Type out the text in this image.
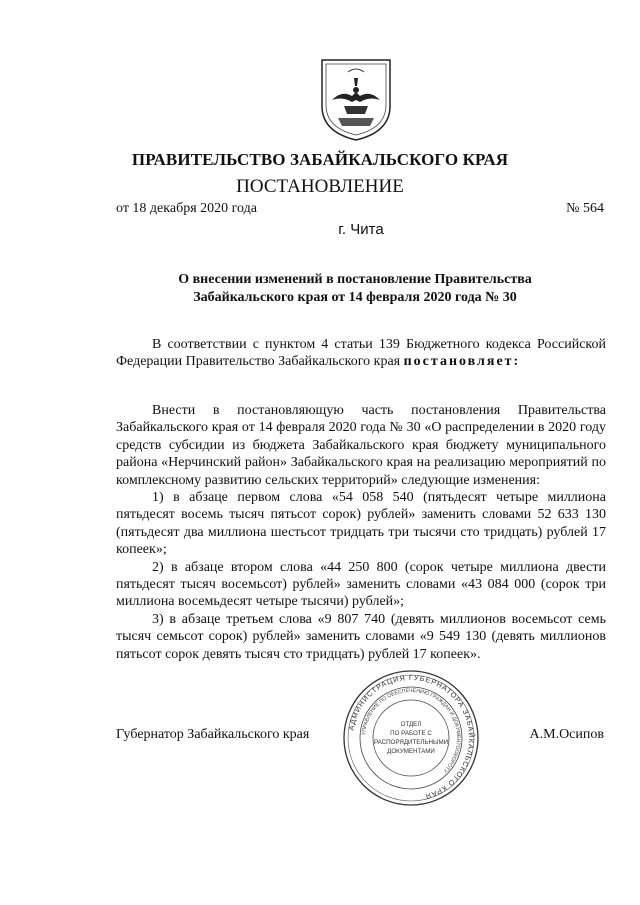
ПРАВИТЕЛЬСТВО ЗАБАЙКАЛЬСКОГО КРАЯ
ПОСТАНОВЛЕНИЕ
от 18 декабря 2020 года	№ 564
г. Чита
О внесении изменений в постановление Правительства
Забайкальского края от 14 февраля 2020 года № 30

В соответствии с пунктом 4 статьи 139 Бюджетного кодекса Российской Федерации Правительство Забайкальского края постановляет:

Внести в постановляющую часть постановления Правительства Забайкальского края от 14 февраля 2020 года № 30 «О распределении в 2020 году средств субсидии из бюджета Забайкальского края бюджету муниципального района «Нерчинский район» Забайкальского края на реализацию мероприятий по комплексному развитию сельских территорий» следующие изменения:

1) в абзаце первом слова «54 058 540 (пятьдесят четыре миллиона пятьдесят восемь тысяч пятьсот сорок) рублей» заменить словами 52 633 130 (пятьдесят два миллиона шестьсот тридцать три тысячи сто тридцать) рублей 17 копеек»;

2) в абзаце втором слова «44 250 800 (сорок четыре миллиона двести пятьдесят тысяч восемьсот) рублей» заменить словами «43 084 000 (сорок три миллиона восемьдесят четыре тысячи) рублей»;

3) в абзаце третьем слова «9 807 740 (девять миллионов восемьсот семь тысяч семьсот сорок) рублей» заменить словами «9 549 130 (девять миллионов пятьсот сорок девять тысяч сто тридцать) рублей 17 копеек».

Губернатор Забайкальского края	А.М.Осипов
АДМИНИСТРАЦИЯ ГУБЕРНАТОРА ЗАБАЙКАЛЬСКОГО КРАЯ
УПРАВЛЕНИЕ ПО ОБЕСПЕЧЕНИЮ ГРАЖДАН И ДОКУМЕНТООБОРОТУ
ОТДЕЛ
ПО РАБОТЕ С
РАСПОРЯДИТЕЛЬНЫМИ
ДОКУМЕНТАМИ
